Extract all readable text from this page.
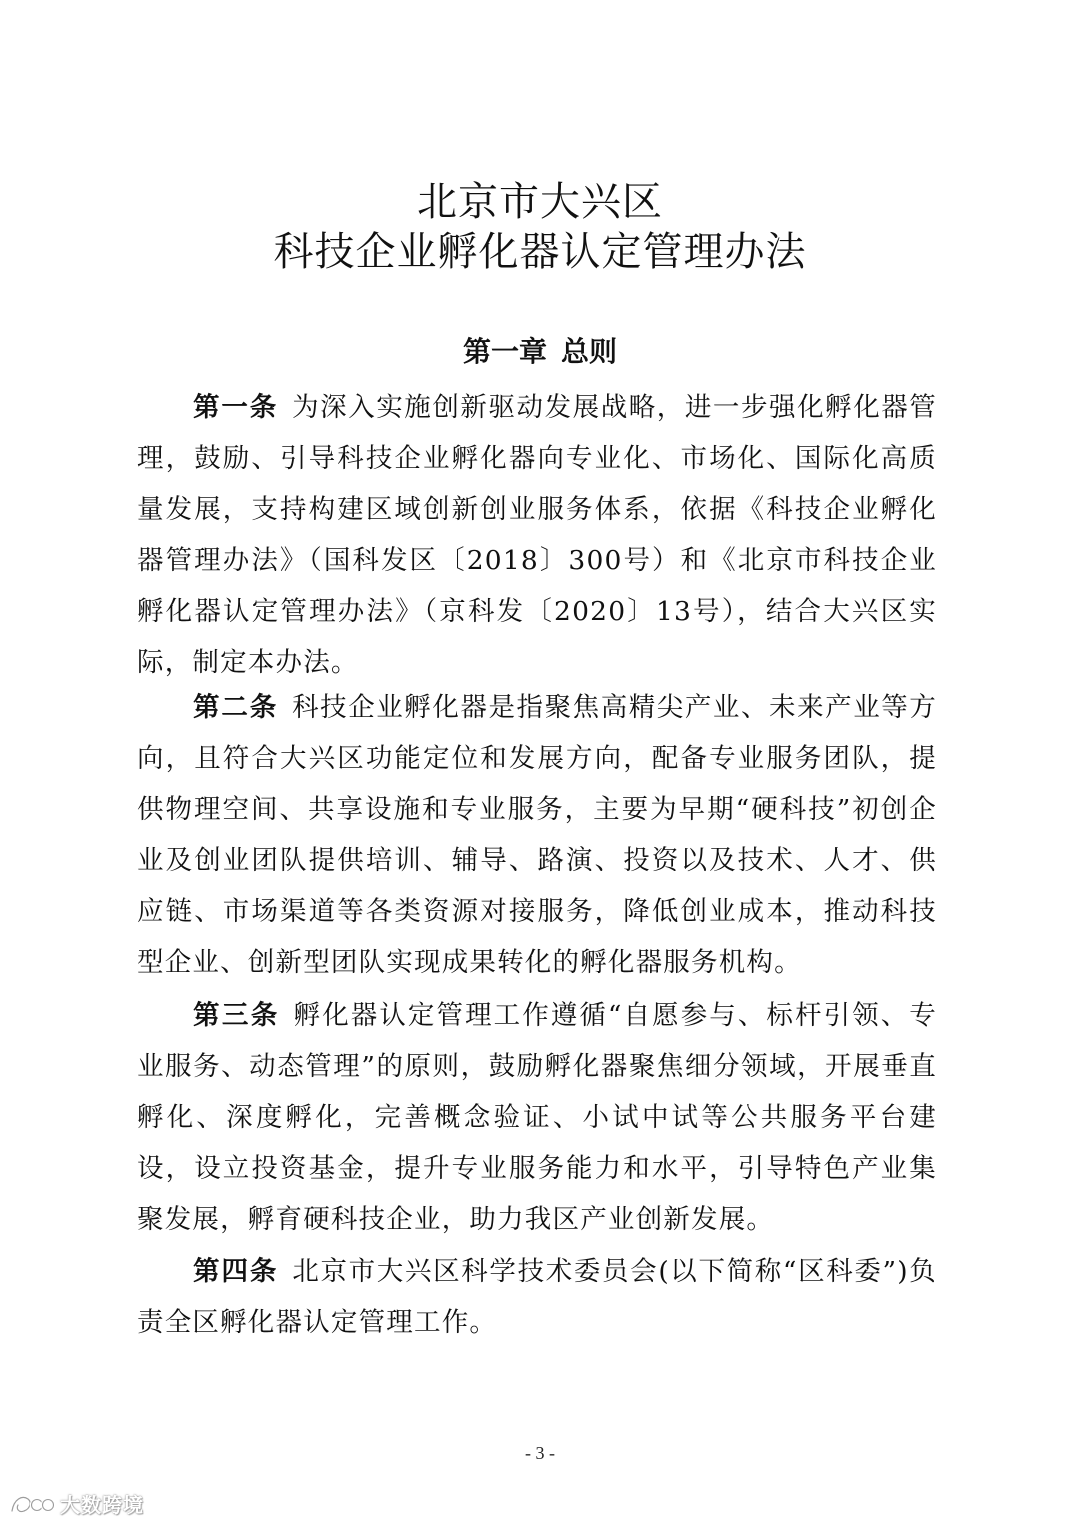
北京市大兴区
科技企业孵化器认定管理办法
第一章 总则

第一条 为深入实施创新驱动发展战略，进一步强化孵化器管理，鼓励、引导科技企业孵化器向专业化、市场化、国际化高质量发展，支持构建区域创新创业服务体系，依据《科技企业孵化器管理办法》（国科发区〔2018〕300号）和《北京市科技企业孵化器认定管理办法》（京科发〔2020〕13号），结合大兴区实际，制定本办法。

第二条 科技企业孵化器是指聚焦高精尖产业、未来产业等方向，且符合大兴区功能定位和发展方向，配备专业服务团队，提供物理空间、共享设施和专业服务，主要为早期“硬科技”初创企业及创业团队提供培训、辅导、路演、投资以及技术、人才、供应链、市场渠道等各类资源对接服务，降低创业成本，推动科技型企业、创新型团队实现成果转化的孵化器服务机构。

第三条 孵化器认定管理工作遵循“自愿参与、标杆引领、专业服务、动态管理”的原则，鼓励孵化器聚焦细分领域，开展垂直孵化、深度孵化，完善概念验证、小试中试等公共服务平台建设，设立投资基金，提升专业服务能力和水平，引导特色产业集聚发展，孵育硬科技企业，助力我区产业创新发展。

第四条 北京市大兴区科学技术委员会(以下简称“区科委”)负责全区孵化器认定管理工作。

- 3 -
大数跨境
